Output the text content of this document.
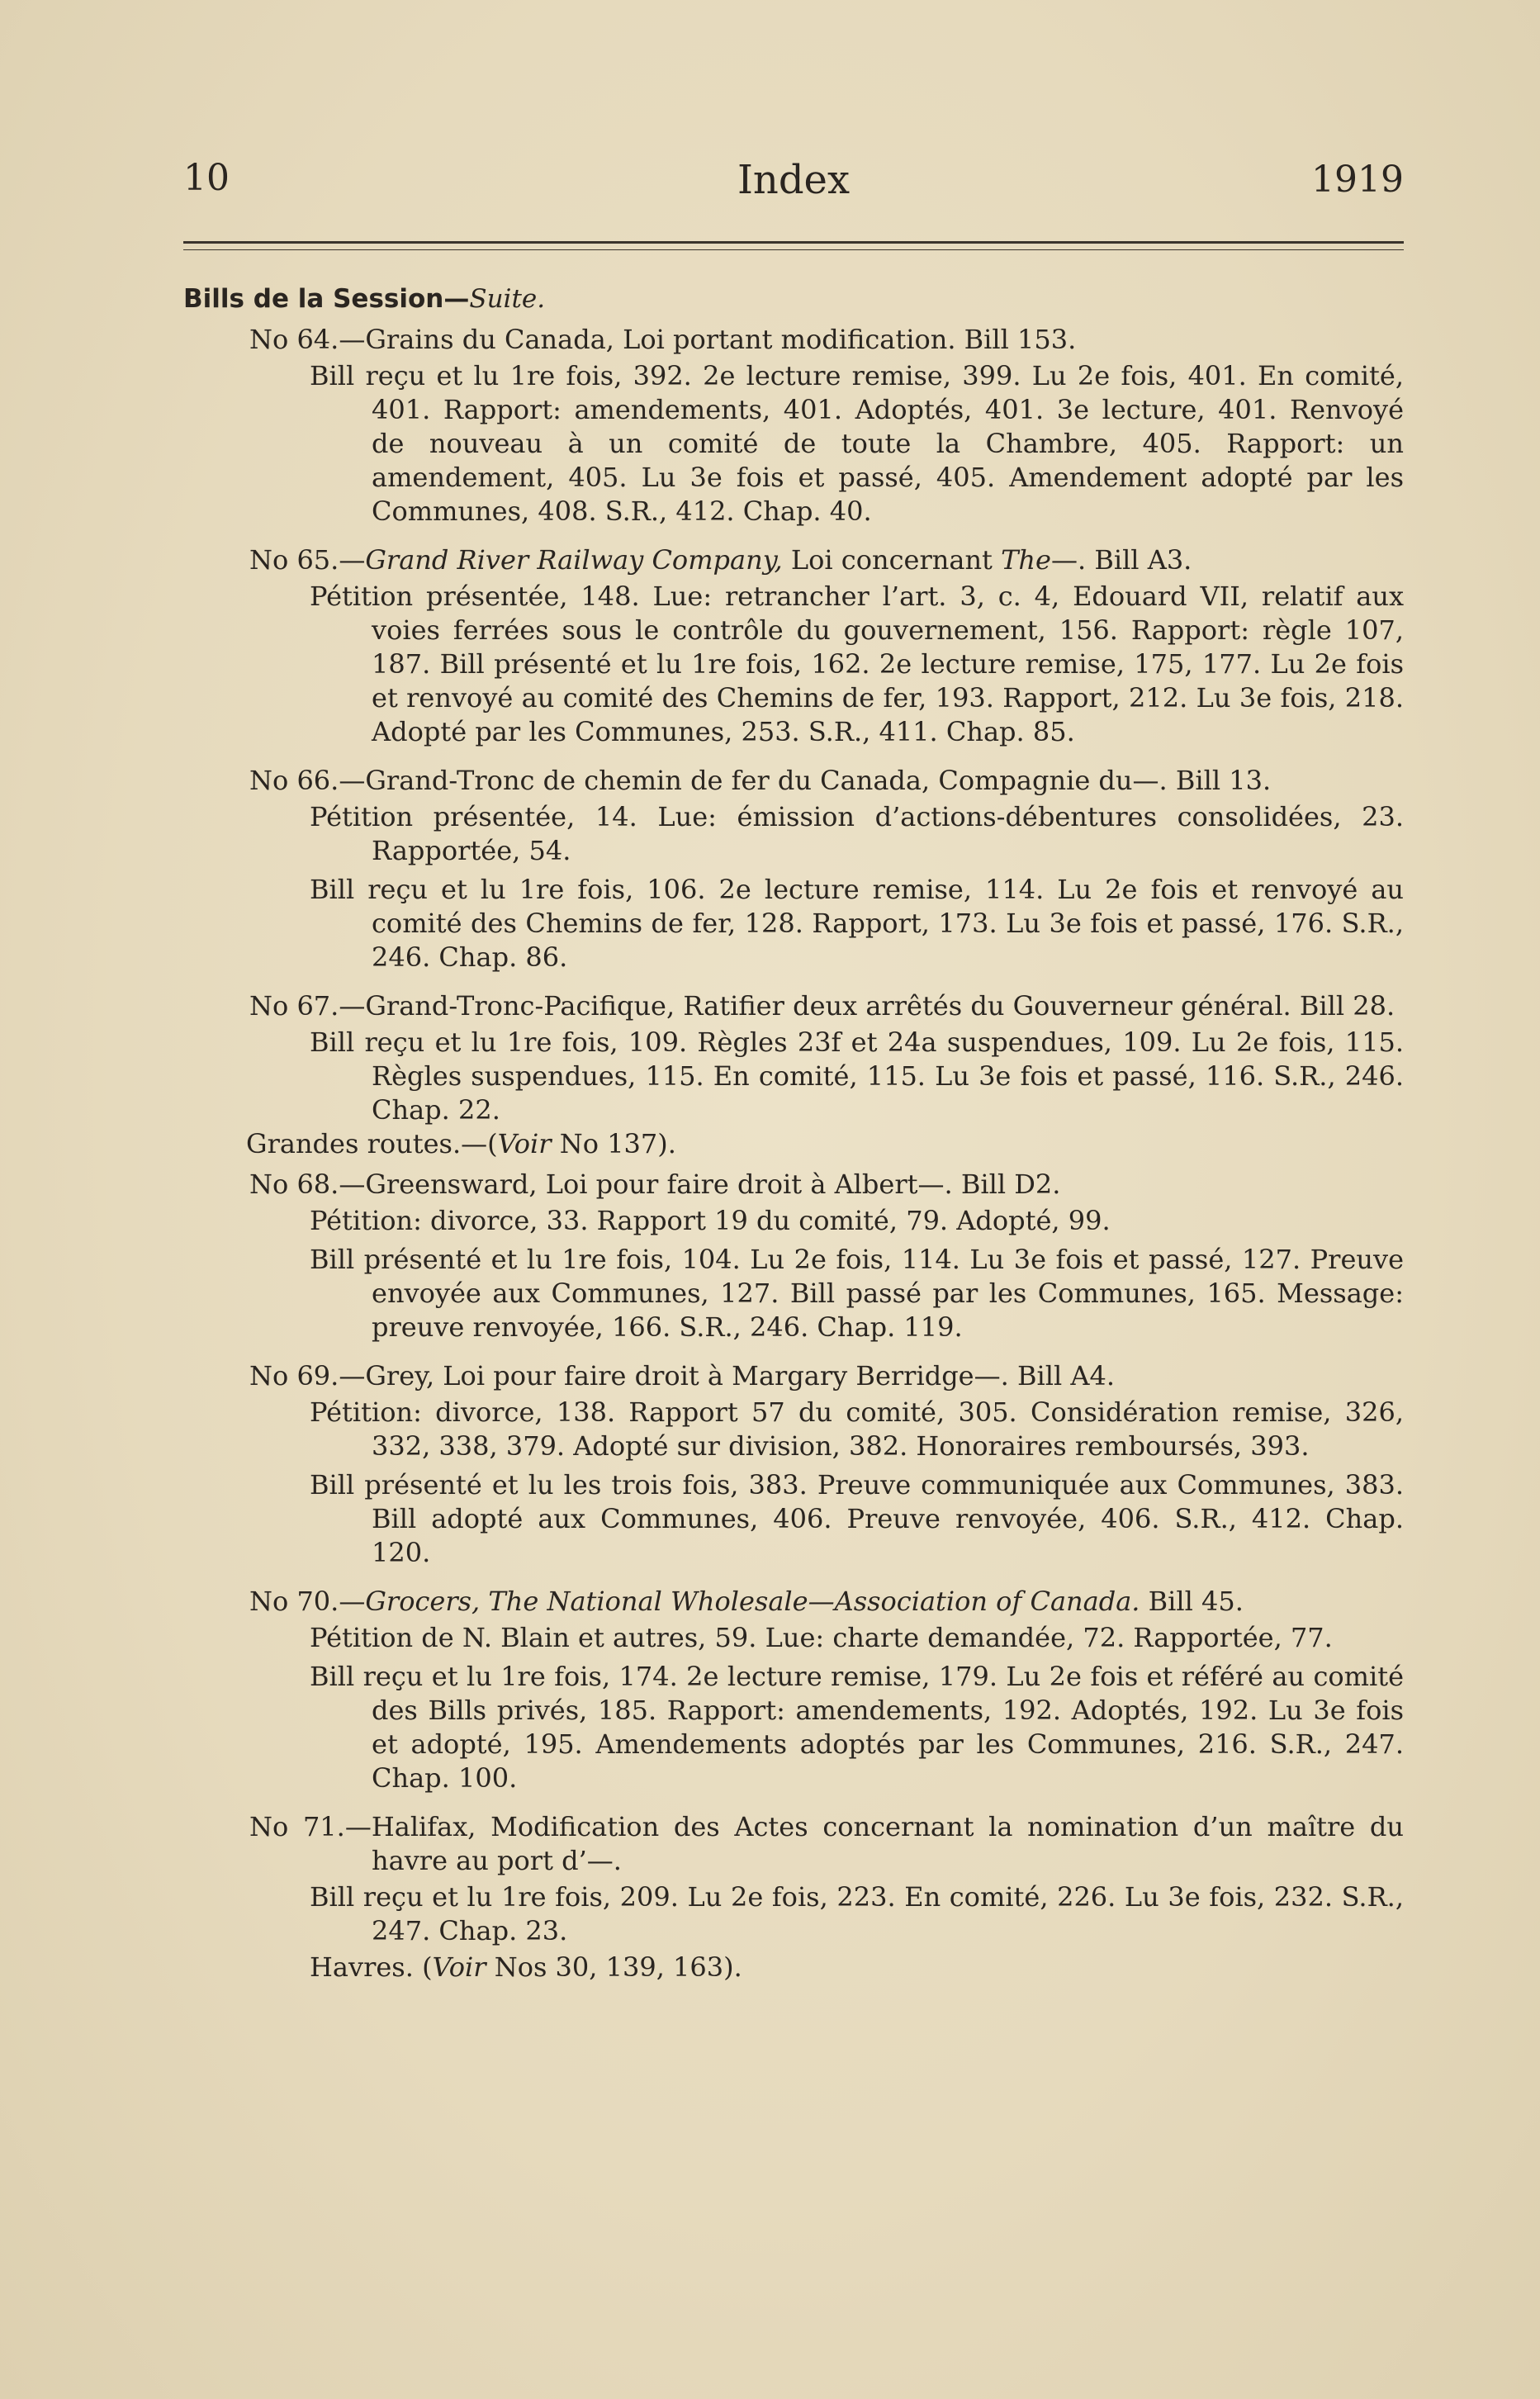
10	Index	1919
Bills de la Session—Suite.
No 64.—Grains du Canada, Loi portant modification. Bill 153.
Bill reçu et lu 1re fois, 392. 2e lecture remise, 399. Lu 2e fois, 401. En comité, 401. Rapport: amendements, 401. Adoptés, 401. 3e lecture, 401. Renvoyé de nouveau à un comité de toute la Chambre, 405. Rapport: un amendement, 405. Lu 3e fois et passé, 405. Amendement adopté par les Communes, 408. S.R., 412. Chap. 40.
No 65.—Grand River Railway Company, Loi concernant The—. Bill A3.
Pétition présentée, 148. Lue: retrancher l’art. 3, c. 4, Edouard VII, relatif aux voies ferrées sous le contrôle du gouvernement, 156. Rapport: règle 107, 187. Bill présenté et lu 1re fois, 162. 2e lecture remise, 175, 177. Lu 2e fois et renvoyé au comité des Chemins de fer, 193. Rapport, 212. Lu 3e fois, 218. Adopté par les Communes, 253. S.R., 411. Chap. 85.
No 66.—Grand-Tronc de chemin de fer du Canada, Compagnie du—. Bill 13.
Pétition présentée, 14. Lue: émission d’actions-débentures consolidées, 23. Rapportée, 54.
Bill reçu et lu 1re fois, 106. 2e lecture remise, 114. Lu 2e fois et renvoyé au comité des Chemins de fer, 128. Rapport, 173. Lu 3e fois et passé, 176. S.R., 246. Chap. 86.
No 67.—Grand-Tronc-Pacifique, Ratifier deux arrêtés du Gouverneur général. Bill 28.
Bill reçu et lu 1re fois, 109. Règles 23f et 24a suspendues, 109. Lu 2e fois, 115. Règles suspendues, 115. En comité, 115. Lu 3e fois et passé, 116. S.R., 246. Chap. 22.
Grandes routes.—(Voir No 137).
No 68.—Greensward, Loi pour faire droit à Albert—. Bill D2.
Pétition: divorce, 33. Rapport 19 du comité, 79. Adopté, 99.
Bill présenté et lu 1re fois, 104. Lu 2e fois, 114. Lu 3e fois et passé, 127. Preuve envoyée aux Communes, 127. Bill passé par les Communes, 165. Message: preuve renvoyée, 166. S.R., 246. Chap. 119.
No 69.—Grey, Loi pour faire droit à Margary Berridge—. Bill A4.
Pétition: divorce, 138. Rapport 57 du comité, 305. Considération remise, 326, 332, 338, 379. Adopté sur division, 382. Honoraires remboursés, 393.
Bill présenté et lu les trois fois, 383. Preuve communiquée aux Communes, 383. Bill adopté aux Communes, 406. Preuve renvoyée, 406. S.R., 412. Chap. 120.
No 70.—Grocers, The National Wholesale—Association of Canada. Bill 45.
Pétition de N. Blain et autres, 59. Lue: charte demandée, 72. Rapportée, 77.
Bill reçu et lu 1re fois, 174. 2e lecture remise, 179. Lu 2e fois et référé au comité des Bills privés, 185. Rapport: amendements, 192. Adoptés, 192. Lu 3e fois et adopté, 195. Amendements adoptés par les Communes, 216. S.R., 247. Chap. 100.
No 71.—Halifax, Modification des Actes concernant la nomination d’un maître du havre au port d’—.
Bill reçu et lu 1re fois, 209. Lu 2e fois, 223. En comité, 226. Lu 3e fois, 232. S.R., 247. Chap. 23.
Havres. (Voir Nos 30, 139, 163).
